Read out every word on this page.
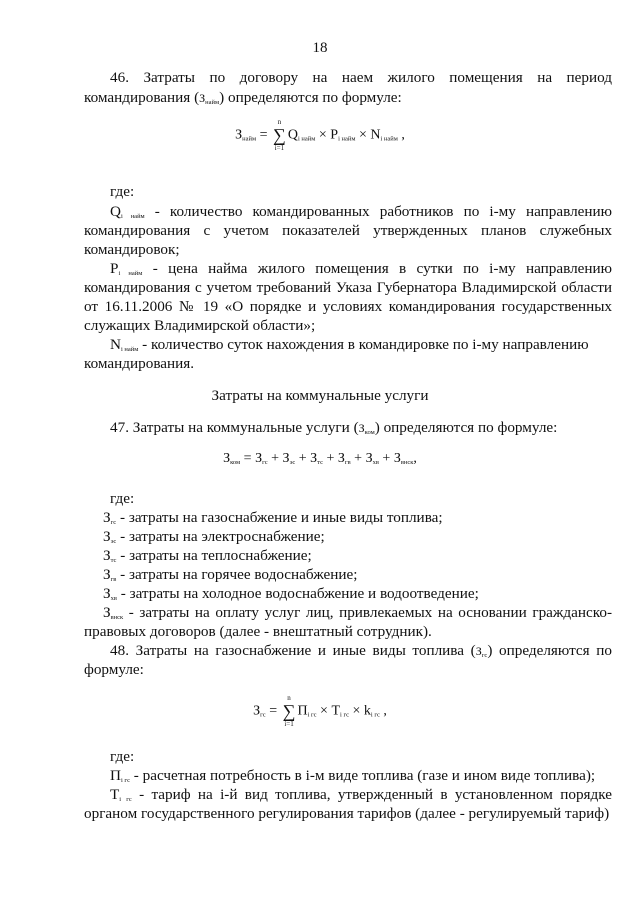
18
46. Затраты по договору на наем жилого помещения на период
командирования $(З_{найм})$ определяются по формуле:
$З_{найм}$ =
n
∑
i=1
$Q_{i найм} \times P_{i найм} \times N_{i найм}$ ,
где:
$Q_{i найм}$ - количество командированных работников по i-му направлению
командирования с учетом показателей утвержденных планов служебных
командировок;
$P_{i найм}$ - цена найма жилого помещения в сутки по i-му направлению
командирования с учетом требований Указа Губернатора Владимирской области
от 16.11.2006 № 19 «О порядке и условиях командирования государственных
служащих Владимирской области»;
$N_{i найм}$ - количество суток нахождения в командировке по i-му направлению
командирования.
Затраты на коммунальные услуги
47. Затраты на коммунальные услуги $(З_{ком})$ определяются по формуле:
$З_{ком} = З_{гс} + З_{эс} + З_{тс} + З_{гв} + З_{хв} + З_{внск}$,
где:
$З_{гс}$ - затраты на газоснабжение и иные виды топлива;
$З_{эс}$ - затраты на электроснабжение;
$З_{тс}$ - затраты на теплоснабжение;
$З_{гв}$ - затраты на горячее водоснабжение;
$З_{хв}$ - затраты на холодное водоснабжение и водоотведение;
$З_{внск}$ - затраты на оплату услуг лиц, привлекаемых на основании гражданско-
правовых договоров (далее - внештатный сотрудник).
48. Затраты на газоснабжение и иные виды топлива $(З_{гс})$ определяются по
формуле:
$З_{гс}$ =
n
∑
i=1
$П_{i гс} \times T_{i гс} \times k_{i гс}$ ,
где:
$П_{i гс}$ - расчетная потребность в i-м виде топлива (газе и ином виде топлива);
$T_{i гс}$ - тариф на i-й вид топлива, утвержденный в установленном порядке
органом государственного регулирования тарифов (далее - регулируемый тариф)
